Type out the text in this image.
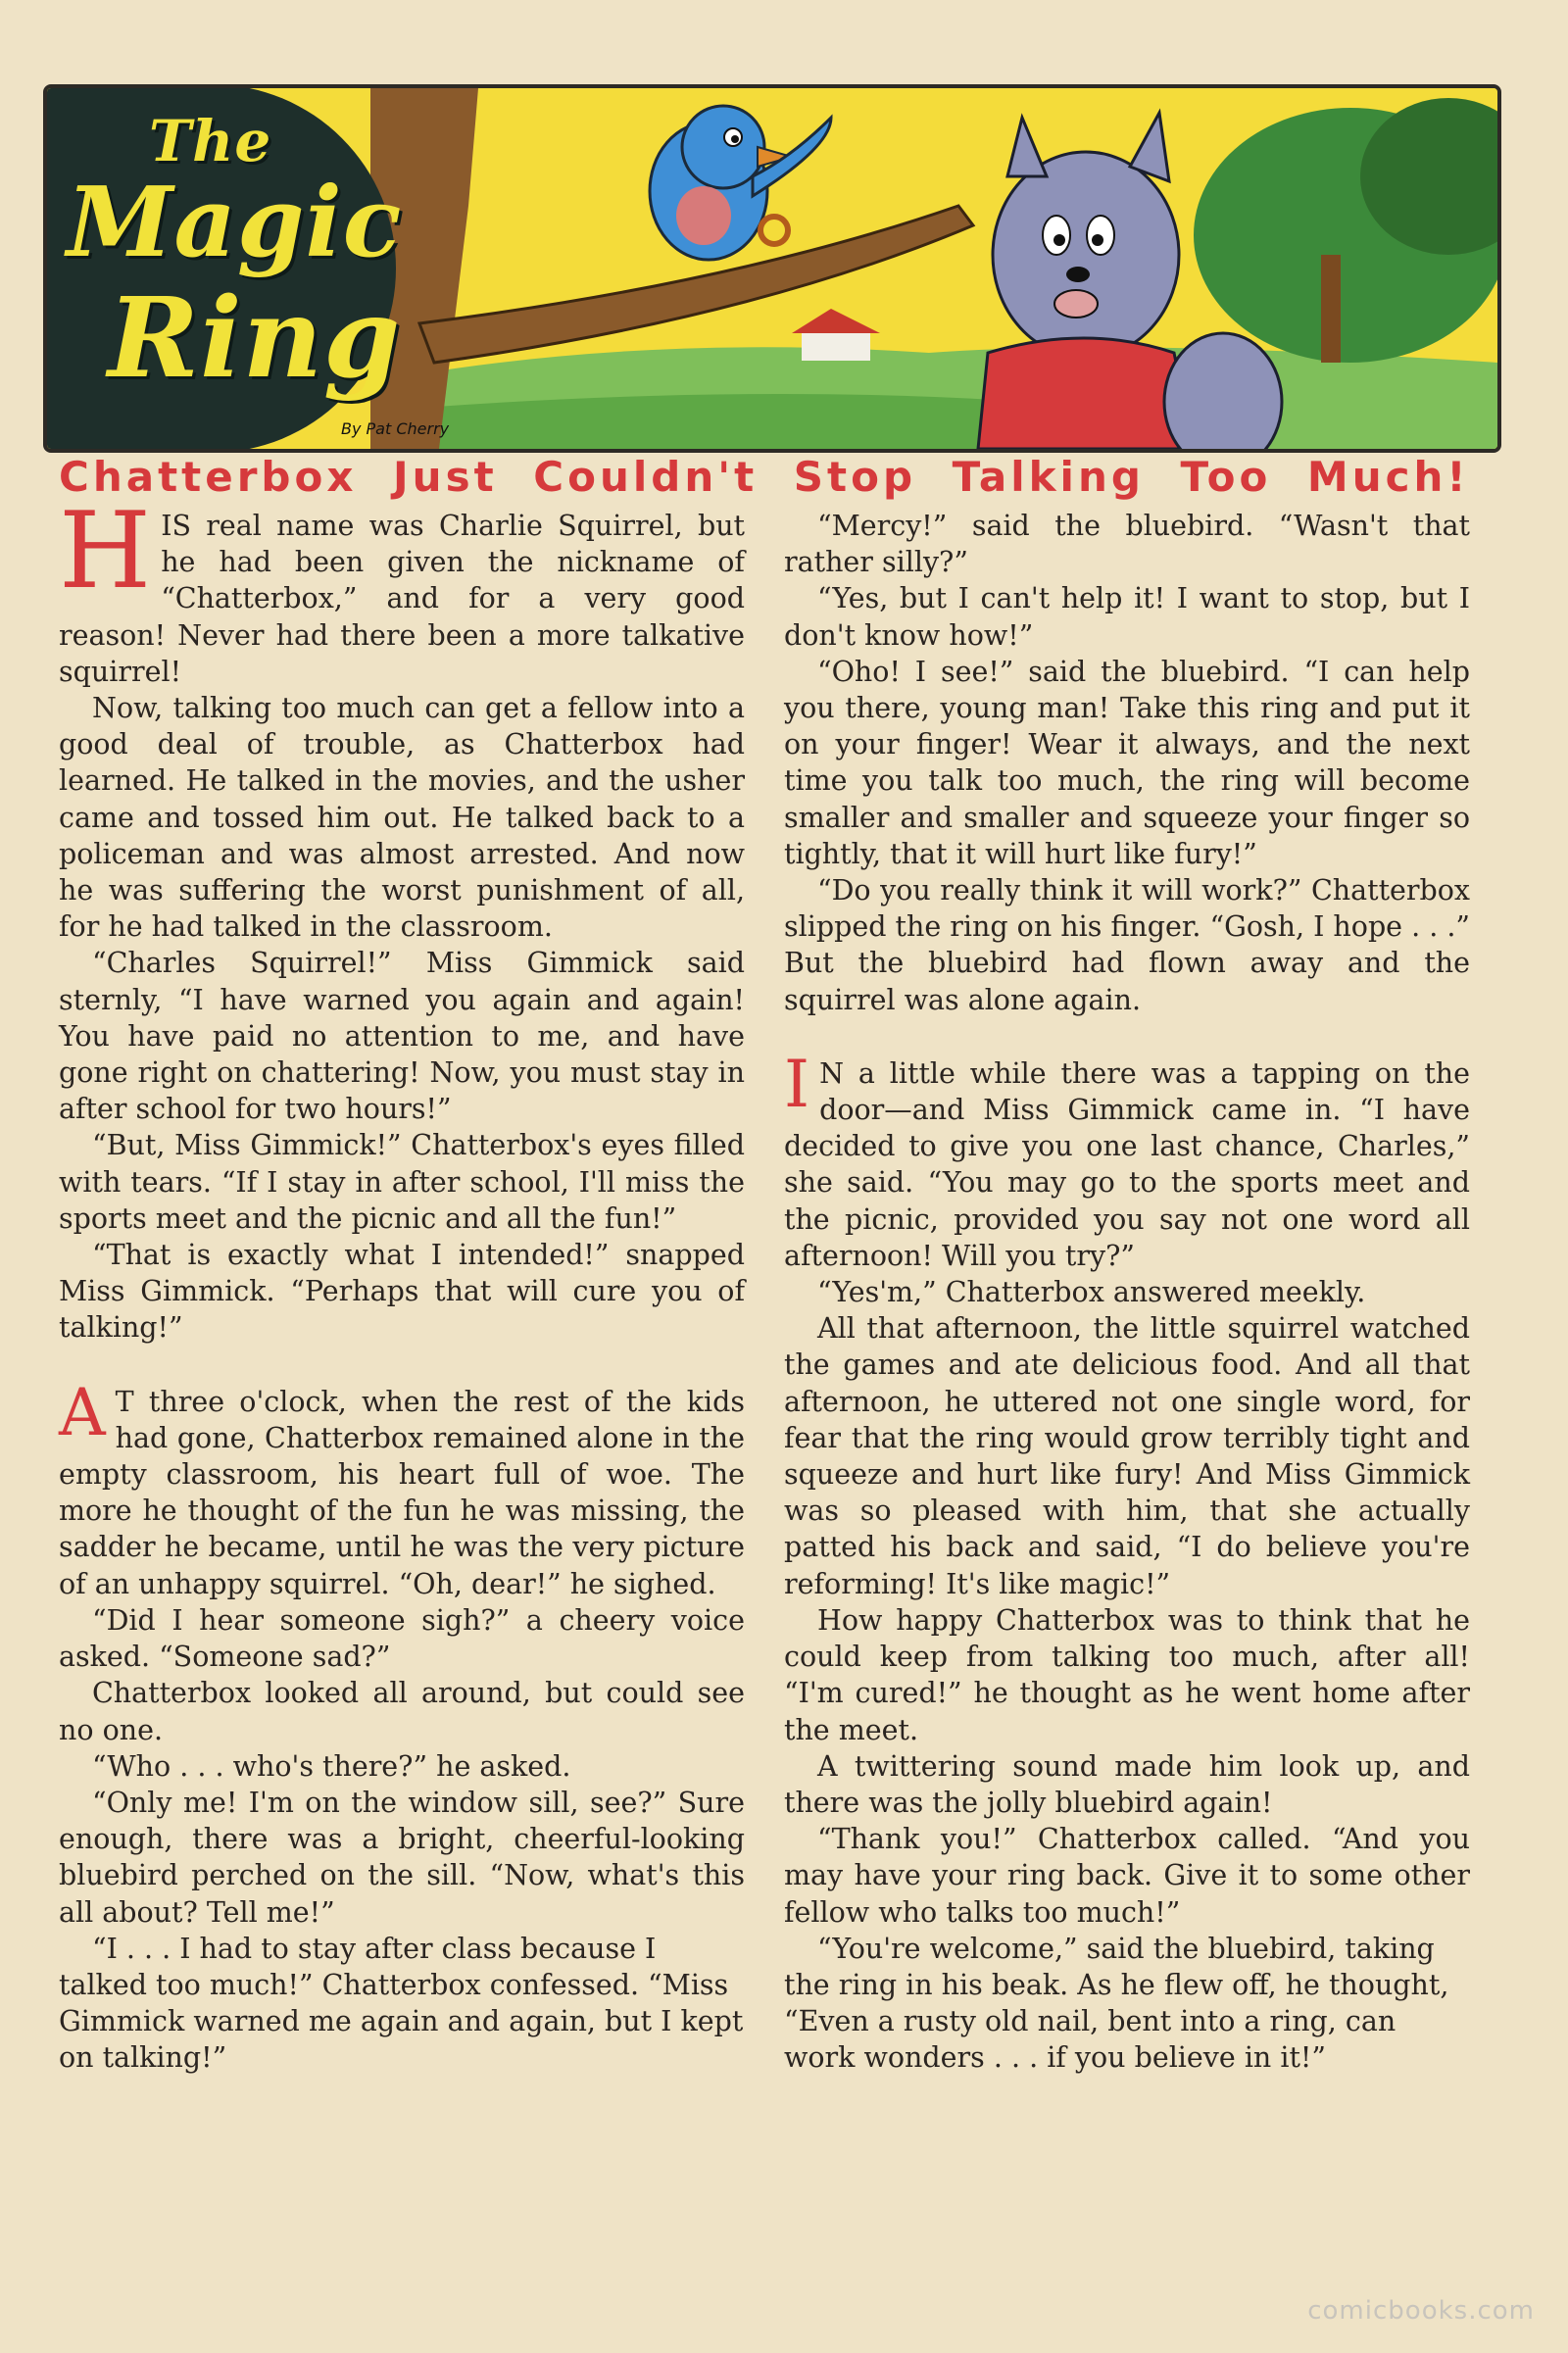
The
Magic
Ring
By Pat Cherry
Chatterbox Just Couldn't Stop Talking Too Much!

HIS real name was Charlie Squirrel, but he had been given the nickname of “Chatterbox,” and for a very good reason! Never had there been a more talkative squirrel!

Now, talking too much can get a fellow into a good deal of trouble, as Chatterbox had learned. He talked in the movies, and the usher came and tossed him out. He talked back to a policeman and was almost arrested. And now he was suffering the worst punishment of all, for he had talked in the classroom.

“Charles Squirrel!” Miss Gimmick said sternly, “I have warned you again and again! You have paid no attention to me, and have gone right on chattering! Now, you must stay in after school for two hours!”

“But, Miss Gimmick!” Chatterbox's eyes filled with tears. “If I stay in after school, I'll miss the sports meet and the picnic and all the fun!”

“That is exactly what I intended!” snapped Miss Gimmick. “Perhaps that will cure you of talking!”

A T three o'clock, when the rest of the kids had gone, Chatterbox remained alone in the empty classroom, his heart full of woe. The more he thought of the fun he was missing, the sadder he became, until he was the very picture of an unhappy squirrel. “Oh, dear!” he sighed.

“Did I hear someone sigh?” a cheery voice asked. “Someone sad?”

Chatterbox looked all around, but could see no one.

“Who . . . who's there?” he asked.

“Only me! I'm on the window sill, see?” Sure enough, there was a bright, cheerful-looking bluebird perched on the sill. “Now, what's this all about? Tell me!”

“I . . . I had to stay after class because I talked too much!” Chatterbox confessed. “Miss Gimmick warned me again and again, but I kept on talking!”

“Mercy!” said the bluebird. “Wasn't that rather silly?”

“Yes, but I can't help it! I want to stop, but I don't know how!”

“Oho! I see!” said the bluebird. “I can help you there, young man! Take this ring and put it on your finger! Wear it always, and the next time you talk too much, the ring will become smaller and smaller and squeeze your finger so tightly, that it will hurt like fury!”

“Do you really think it will work?” Chatterbox slipped the ring on his finger. “Gosh, I hope . . .” But the bluebird had flown away and the squirrel was alone again.

I N a little while there was a tapping on the door—and Miss Gimmick came in. “I have decided to give you one last chance, Charles,” she said. “You may go to the sports meet and the picnic, provided you say not one word all afternoon! Will you try?”

“Yes'm,” Chatterbox answered meekly.

All that afternoon, the little squirrel watched the games and ate delicious food. And all that afternoon, he uttered not one single word, for fear that the ring would grow terribly tight and squeeze and hurt like fury! And Miss Gimmick was so pleased with him, that she actually patted his back and said, “I do believe you're reforming! It's like magic!”

How happy Chatterbox was to think that he could keep from talking too much, after all! “I'm cured!” he thought as he went home after the meet.

A twittering sound made him look up, and there was the jolly bluebird again!

“Thank you!” Chatterbox called. “And you may have your ring back. Give it to some other fellow who talks too much!”

“You're welcome,” said the bluebird, taking the ring in his beak. As he flew off, he thought, “Even a rusty old nail, bent into a ring, can work wonders . . . if you believe in it!”

comicbooks.com
